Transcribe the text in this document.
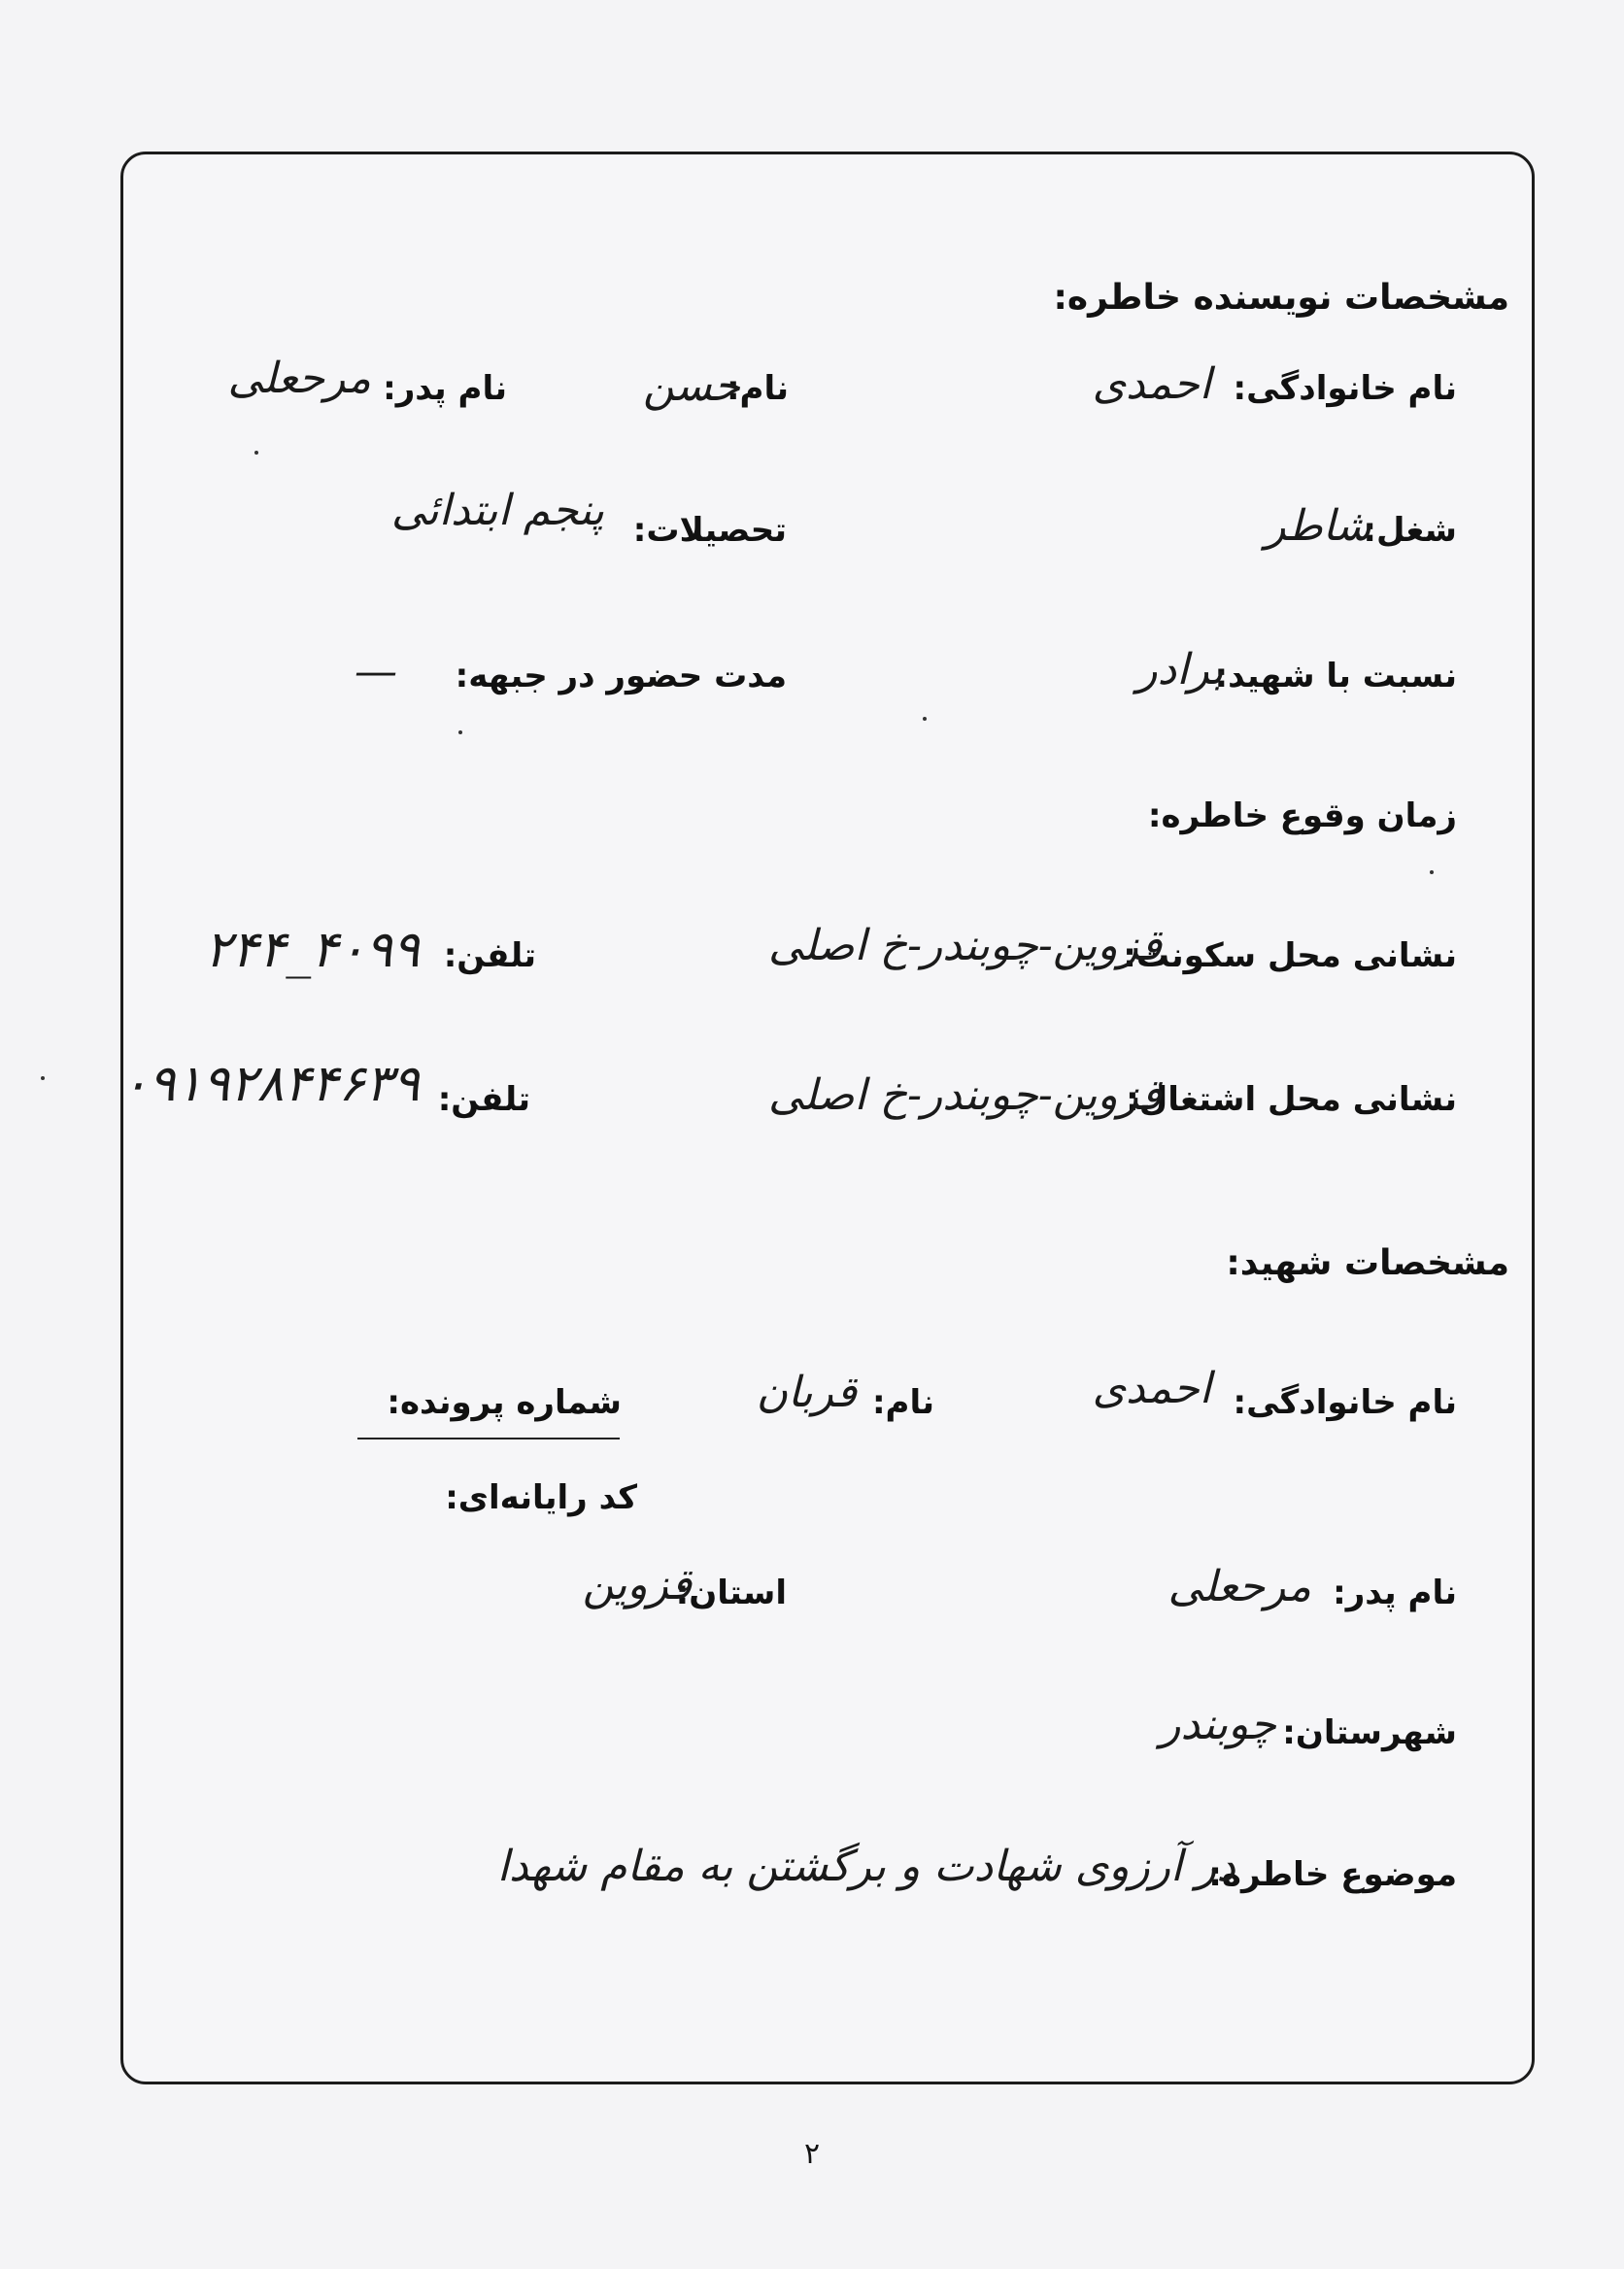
مشخصات نویسنده خاطره:
نام خانوادگی:
احمدی
نام:
حسن
نام پدر:
مرحعلی
شغل:
شاطر
تحصیلات:
پنجم ابتدائی
نسبت با شهید:
برادر
مدت حضور در جبهه:
—
زمان وقوع خاطره:
نشانی محل سکونت:
قزوین-چوبندر-خ اصلی
تلفن:
۲۴۴_۴۰۹۹
نشانی محل اشتغال:
قزوین-چوبندر-خ اصلی
تلفن:
۰۹۱۹۲۸۴۴۶۳۹
مشخصات شهید:
نام خانوادگی:
احمدی
نام:
قربان
شماره پرونده:
کد رایانه‌ای:
نام پدر:
مرحعلی
استان:
قزوین
شهرستان:
چوبندر
موضوع خاطره:
در آرزوی شهادت و برگشتن به مقام شهدا
۲
